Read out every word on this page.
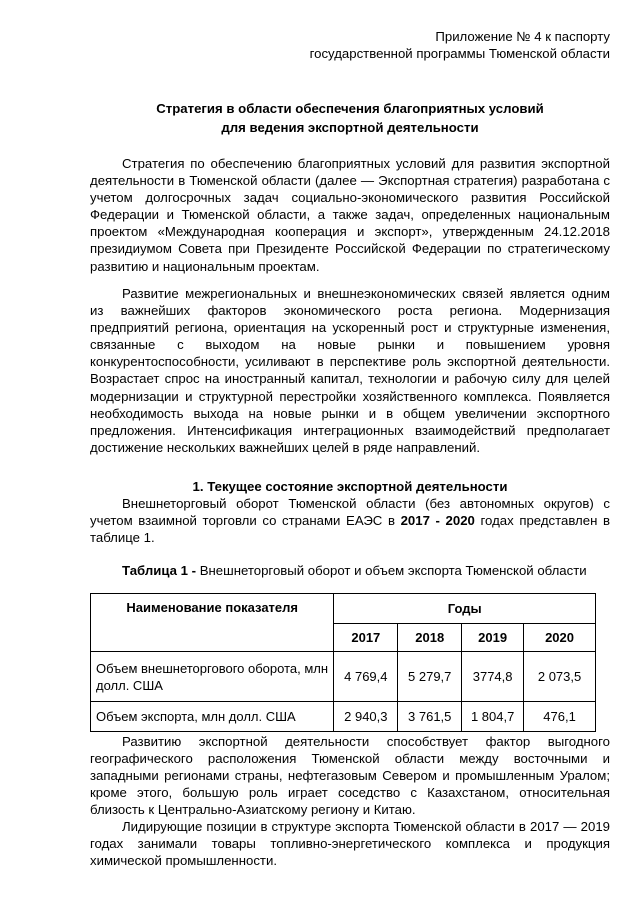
Приложение № 4 к паспорту
государственной программы Тюменской области
Стратегия в области обеспечения благоприятных условий
для ведения экспортной деятельности

Стратегия по обеспечению благоприятных условий для развития экспортной деятельности в Тюменской области (далее — Экспортная стратегия) разработана с учетом долгосрочных задач социально-экономического развития Российской Федерации и Тюменской области, а также задач, определенных национальным проектом «Международная кооперация и экспорт», утвержденным 24.12.2018 президиумом Совета при Президенте Российской Федерации по стратегическому развитию и национальным проектам.

Развитие межрегиональных и внешнеэкономических связей является одним из важнейших факторов экономического роста региона. Модернизация предприятий региона, ориентация на ускоренный рост и структурные изменения, связанные с выходом на новые рынки и повышением уровня конкурентоспособности, усиливают в перспективе роль экспортной деятельности. Возрастает спрос на иностранный капитал, технологии и рабочую силу для целей модернизации и структурной перестройки хозяйственного комплекса. Появляется необходимость выхода на новые рынки и в общем увеличении экспортного предложения. Интенсификация интеграционных взаимодействий предполагает достижение нескольких важнейших целей в ряде направлений.

1. Текущее состояние экспортной деятельности

Внешнеторговый оборот Тюменской области (без автономных округов) с учетом взаимной торговли со странами ЕАЭС в 2017 - 2020 годах представлен в таблице 1.

Таблица 1 - Внешнеторговый оборот и объем экспорта Тюменской области

Наименование показателя	Годы			
	2017	2018	2019	2020
Объем внешнеторгового оборота, млн долл. США	4 769,4	5 279,7	3774,8	2 073,5
Объем экспорта, млн долл. США	2 940,3	3 761,5	1 804,7	476,1

Развитию экспортной деятельности способствует фактор выгодного географического расположения Тюменской области между восточными и западными регионами страны, нефтегазовым Севером и промышленным Уралом; кроме этого, большую роль играет соседство с Казахстаном, относительная близость к Центрально-Азиатскому региону и Китаю.

Лидирующие позиции в структуре экспорта Тюменской области в 2017 — 2019 годах занимали товары топливно-энергетического комплекса и продукция химической промышленности.
